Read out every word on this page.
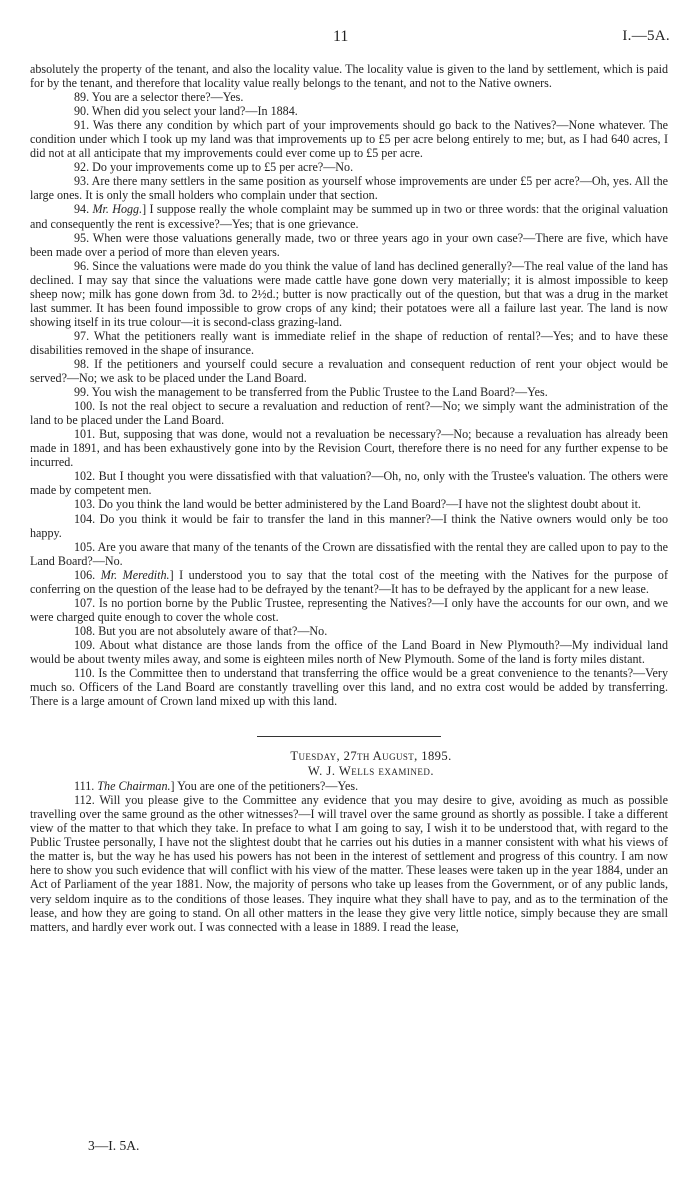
11	I.—5A.

absolutely the property of the tenant, and also the locality value. The locality value is given to the land by settlement, which is paid for by the tenant, and therefore that locality value really belongs to the tenant, and not to the Native owners.

89. You are a selector there?—Yes.

90. When did you select your land?—In 1884.

91. Was there any condition by which part of your improvements should go back to the Natives?—None whatever. The condition under which I took up my land was that improvements up to £5 per acre belong entirely to me; but, as I had 640 acres, I did not at all anticipate that my improvements could ever come up to £5 per acre.

92. Do your improvements come up to £5 per acre?—No.

93. Are there many settlers in the same position as yourself whose improvements are under £5 per acre?—Oh, yes. All the large ones. It is only the small holders who complain under that section.

94. Mr. Hogg.] I suppose really the whole complaint may be summed up in two or three words: that the original valuation and consequently the rent is excessive?—Yes; that is one grievance.

95. When were those valuations generally made, two or three years ago in your own case?—There are five, which have been made over a period of more than eleven years.

96. Since the valuations were made do you think the value of land has declined generally?—The real value of the land has declined. I may say that since the valuations were made cattle have gone down very materially; it is almost impossible to keep sheep now; milk has gone down from 3d. to 2½d.; butter is now practically out of the question, but that was a drug in the market last summer. It has been found impossible to grow crops of any kind; their potatoes were all a failure last year. The land is now showing itself in its true colour—it is second-class grazing-land.

97. What the petitioners really want is immediate relief in the shape of reduction of rental?—Yes; and to have these disabilities removed in the shape of insurance.

98. If the petitioners and yourself could secure a revaluation and consequent reduction of rent your object would be served?—No; we ask to be placed under the Land Board.

99. You wish the management to be transferred from the Public Trustee to the Land Board?—Yes.

100. Is not the real object to secure a revaluation and reduction of rent?—No; we simply want the administration of the land to be placed under the Land Board.

101. But, supposing that was done, would not a revaluation be necessary?—No; because a revaluation has already been made in 1891, and has been exhaustively gone into by the Revision Court, therefore there is no need for any further expense to be incurred.

102. But I thought you were dissatisfied with that valuation?—Oh, no, only with the Trustee's valuation. The others were made by competent men.

103. Do you think the land would be better administered by the Land Board?—I have not the slightest doubt about it.

104. Do you think it would be fair to transfer the land in this manner?—I think the Native owners would only be too happy.

105. Are you aware that many of the tenants of the Crown are dissatisfied with the rental they are called upon to pay to the Land Board?—No.

106. Mr. Meredith.] I understood you to say that the total cost of the meeting with the Natives for the purpose of conferring on the question of the lease had to be defrayed by the tenant?—It has to be defrayed by the applicant for a new lease.

107. Is no portion borne by the Public Trustee, representing the Natives?—I only have the accounts for our own, and we were charged quite enough to cover the whole cost.

108. But you are not absolutely aware of that?—No.

109. About what distance are those lands from the office of the Land Board in New Plymouth?—My individual land would be about twenty miles away, and some is eighteen miles north of New Plymouth. Some of the land is forty miles distant.

110. Is the Committee then to understand that transferring the office would be a great convenience to the tenants?—Very much so. Officers of the Land Board are constantly travelling over this land, and no extra cost would be added by transferring. There is a large amount of Crown land mixed up with this land.

Tuesday, 27th August, 1895.

W. J. Wells examined.

111. The Chairman.] You are one of the petitioners?—Yes.

112. Will you please give to the Committee any evidence that you may desire to give, avoiding as much as possible travelling over the same ground as the other witnesses?—I will travel over the same ground as shortly as possible. I take a different view of the matter to that which they take. In preface to what I am going to say, I wish it to be understood that, with regard to the Public Trustee personally, I have not the slightest doubt that he carries out his duties in a manner consistent with what his views of the matter is, but the way he has used his powers has not been in the interest of settlement and progress of this country. I am now here to show you such evidence that will conflict with his view of the matter. These leases were taken up in the year 1884, under an Act of Parliament of the year 1881. Now, the majority of persons who take up leases from the Government, or of any public lands, very seldom inquire as to the conditions of those leases. They inquire what they shall have to pay, and as to the termination of the lease, and how they are going to stand. On all other matters in the lease they give very little notice, simply because they are small matters, and hardly ever work out. I was connected with a lease in 1889. I read the lease,

3—I. 5A.
